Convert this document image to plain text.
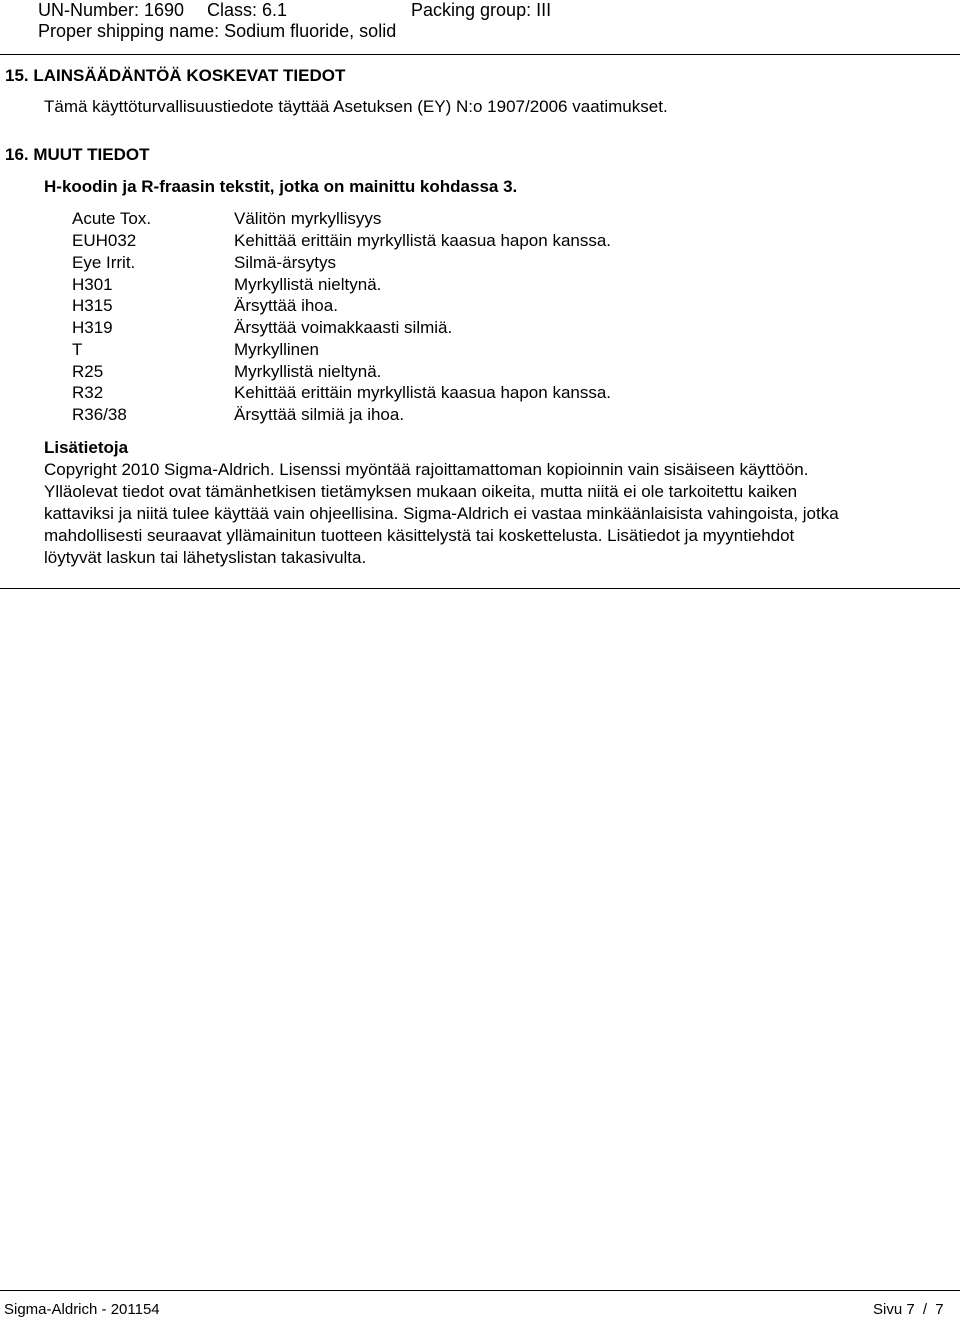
UN-Number: 1690 Class: 6.1	Packing group: III
Proper shipping name: Sodium fluoride, solid
15. LAINSÄÄDÄNTÖÄ KOSKEVAT TIEDOT
Tämä käyttöturvallisuustiedote täyttää Asetuksen (EY) N:o 1907/2006 vaatimukset.
16. MUUT TIEDOT
H-koodin ja R-fraasin tekstit, jotka on mainittu kohdassa 3.
Acute Tox.	Välitön myrkyllisyys
EUH032	Kehittää erittäin myrkyllistä kaasua hapon kanssa.
Eye Irrit.	Silmä-ärsytys
H301	Myrkyllistä nieltynä.
H315	Ärsyttää ihoa.
H319	Ärsyttää voimakkaasti silmiä.
T	Myrkyllinen
R25	Myrkyllistä nieltynä.
R32	Kehittää erittäin myrkyllistä kaasua hapon kanssa.
R36/38	Ärsyttää silmiä ja ihoa.
Lisätietoja
Copyright 2010 Sigma-Aldrich. Lisenssi myöntää rajoittamattoman kopioinnin vain sisäiseen käyttöön.
Ylläolevat tiedot ovat tämänhetkisen tietämyksen mukaan oikeita, mutta niitä ei ole tarkoitettu kaiken
kattaviksi ja niitä tulee käyttää vain ohjeellisina. Sigma-Aldrich ei vastaa minkäänlaisista vahingoista, jotka
mahdollisesti seuraavat yllämainitun tuotteen käsittelystä tai koskettelusta. Lisätiedot ja myyntiehdot
löytyvät laskun tai lähetyslistan takasivulta.
Sigma-Aldrich - 201154	Sivu 7 / 7
